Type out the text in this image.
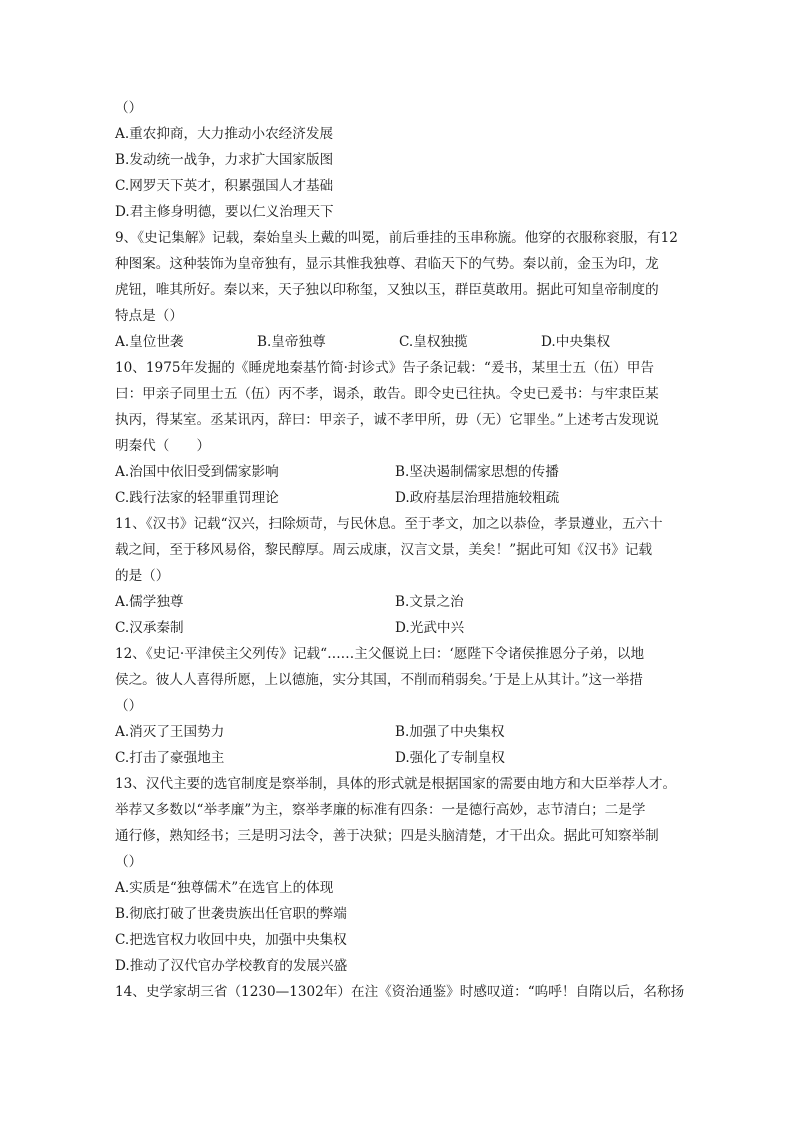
（）
A.重农抑商，大力推动小农经济发展
B.发动统一战争，力求扩大国家版图
C.网罗天下英才，积累强国人才基础
D.君主修身明德，要以仁义治理天下
9、《史记集解》记载，秦始皇头上戴的叫冕，前后垂挂的玉串称旒。他穿的衣服称衮服，有12
种图案。这种装饰为皇帝独有，显示其惟我独尊、君临天下的气势。秦以前，金玉为印，龙
虎钮，唯其所好。秦以来，天子独以印称玺，又独以玉，群臣莫敢用。据此可知皇帝制度的
特点是（）
A.皇位世袭	B.皇帝独尊	C.皇权独揽	D.中央集权
10、1975年发掘的《睡虎地秦基竹简·封诊式》告子条记载：“爰书，某里士五（伍）甲告
曰：甲亲子同里士五（伍）丙不孝，谒杀，敢告。即令史已往执。令史已爰书：与牢隶臣某
执丙，得某室。丞某讯丙，辞曰：甲亲子，诚不孝甲所，毋（无）它罪坐。”上述考古发现说
明秦代（　　）
A.治国中依旧受到儒家影响	B.坚决遏制儒家思想的传播
C.践行法家的轻罪重罚理论	D.政府基层治理措施较粗疏
11、《汉书》记载“汉兴，扫除烦苛，与民休息。至于孝文，加之以恭俭，孝景遵业，五六十
载之间，至于移风易俗，黎民醇厚。周云成康，汉言文景，美矣！”据此可知《汉书》记载
的是（）
A.儒学独尊	B.文景之治
C.汉承秦制	D.光武中兴
12、《史记·平津侯主父列传》记载“……主父偃说上曰：‘愿陛下令诸侯推恩分子弟，以地
侯之。彼人人喜得所愿，上以德施，实分其国，不削而稍弱矣。’于是上从其计。”这一举措
（）
A.消灭了王国势力	B.加强了中央集权
C.打击了豪强地主	D.强化了专制皇权
13、汉代主要的选官制度是察举制，具体的形式就是根据国家的需要由地方和大臣举荐人才。
举荐又多数以“举孝廉”为主，察举孝廉的标准有四条：一是德行高妙，志节清白；二是学
通行修，熟知经书；三是明习法令，善于决狱；四是头脑清楚，才干出众。据此可知察举制
（）
A.实质是“独尊儒术”在选官上的体现
B.彻底打破了世袭贵族出任官职的弊端
C.把选官权力收回中央，加强中央集权
D.推动了汉代官办学校教育的发展兴盛
14、史学家胡三省（1230—1302年）在注《资治通鉴》时感叹道：“呜呼！自隋以后，名称扬
